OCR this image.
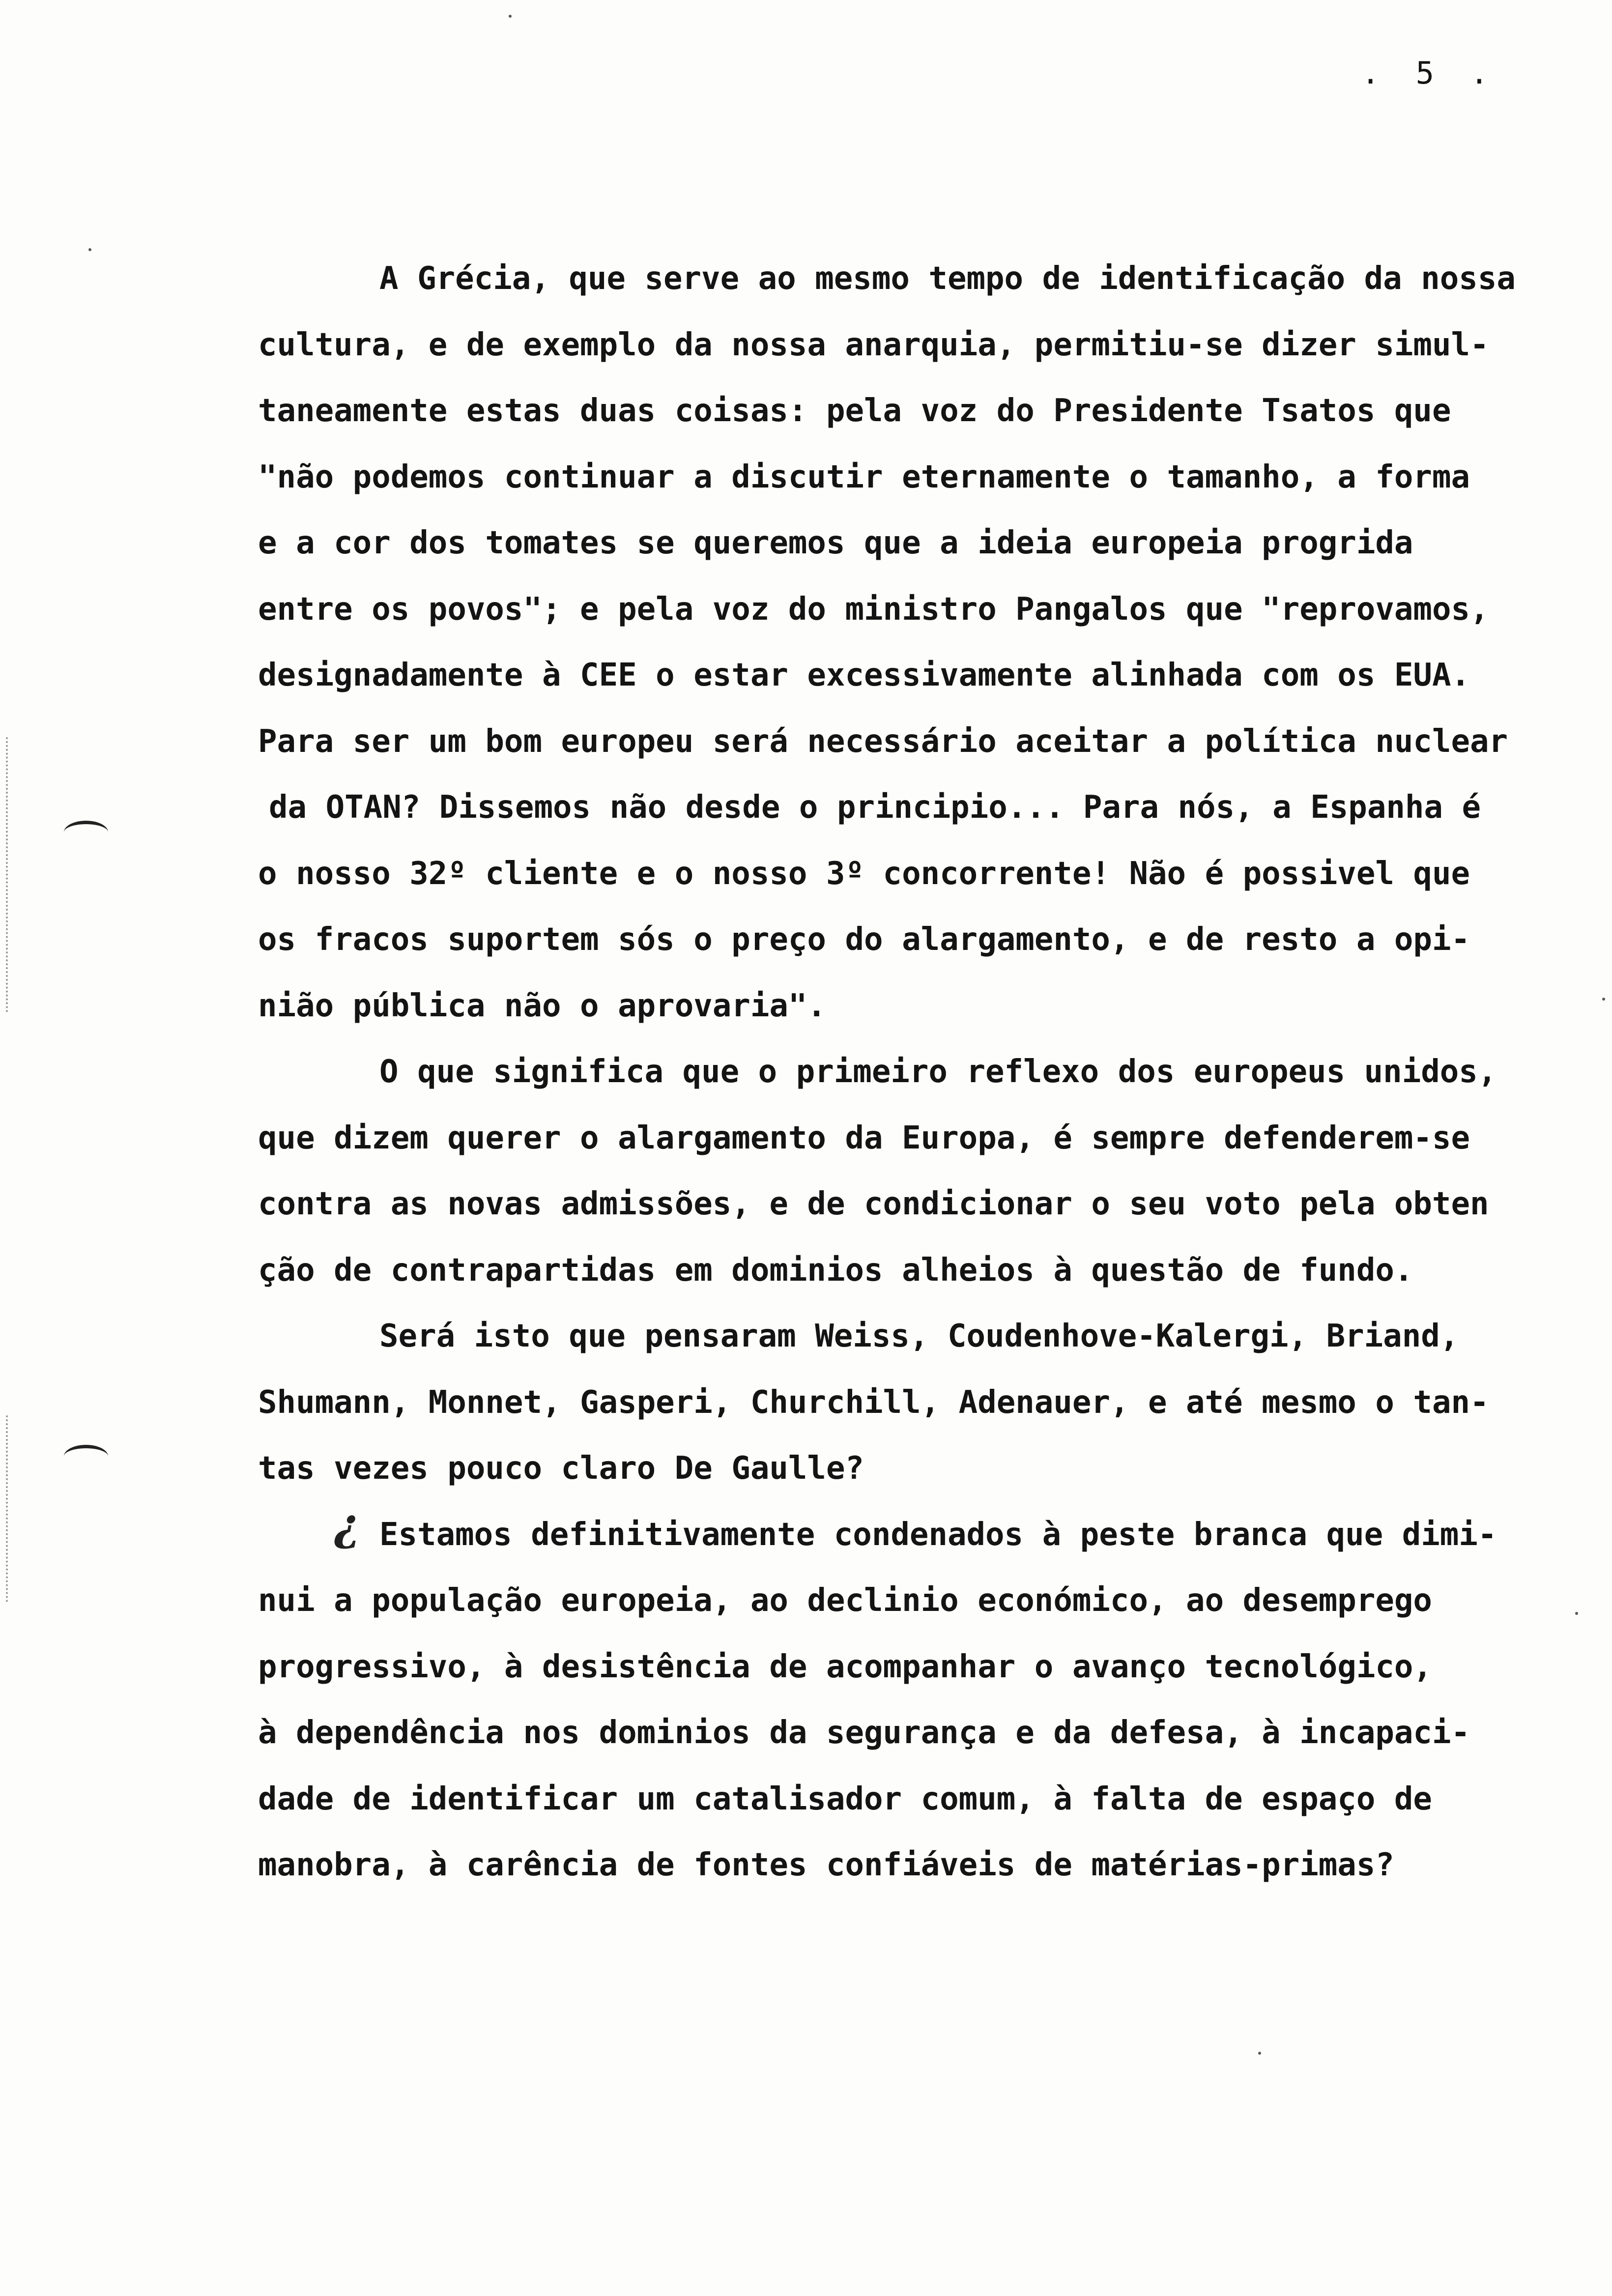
. 5 .
A Grécia, que serve ao mesmo tempo de identificação da nossa
cultura, e de exemplo da nossa anarquia, permitiu-se dizer simul-
taneamente estas duas coisas: pela voz do Presidente Tsatos que
"não podemos continuar a discutir eternamente o tamanho, a forma
e a cor dos tomates se queremos que a ideia europeia progrida
entre os povos"; e pela voz do ministro Pangalos que "reprovamos,
designadamente à CEE o estar excessivamente alinhada com os EUA.
Para ser um bom europeu será necessário aceitar a política nuclear
da OTAN? Dissemos não desde o principio... Para nós, a Espanha é
o nosso 32º cliente e o nosso 3º concorrente! Não é possivel que
os fracos suportem sós o preço do alargamento, e de resto a opi-
nião pública não o aprovaria".
O que significa que o primeiro reflexo dos europeus unidos,
que dizem querer o alargamento da Europa, é sempre defenderem-se
contra as novas admissões, e de condicionar o seu voto pela obten
ção de contrapartidas em dominios alheios à questão de fundo.
Será isto que pensaram Weiss, Coudenhove-Kalergi, Briand,
Shumann, Monnet, Gasperi, Churchill, Adenauer, e até mesmo o tan-
tas vezes pouco claro De Gaulle?
Estamos definitivamente condenados à peste branca que dimi-
nui a população europeia, ao declinio económico, ao desemprego
progressivo, à desistência de acompanhar o avanço tecnológico,
à dependência nos dominios da segurança e da defesa, à incapaci-
dade de identificar um catalisador comum, à falta de espaço de
manobra, à carência de fontes confiáveis de matérias-primas?
¿
